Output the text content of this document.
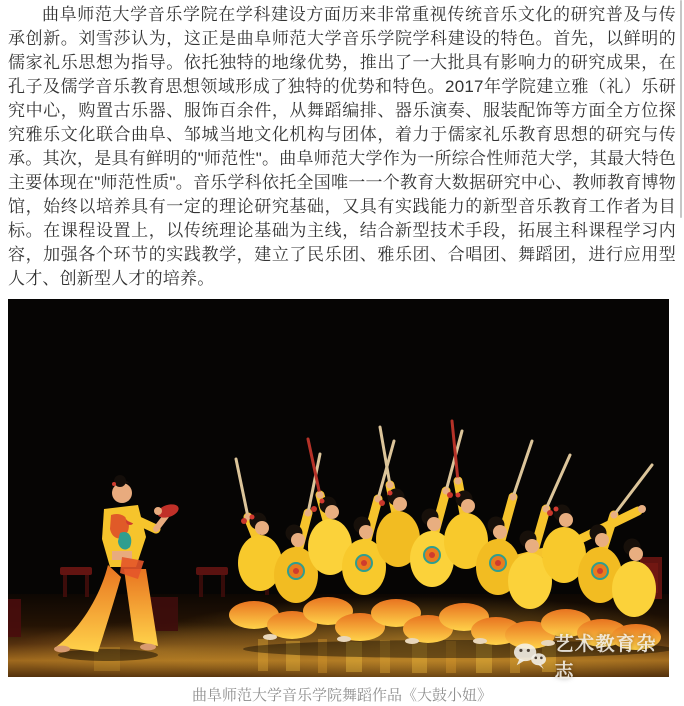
曲阜师范大学音乐学院在学科建设方面历来非常重视传统音乐文化的研究普及与传承创新。刘雪莎认为，这正是曲阜师范大学音乐学院学科建设的特色。首先，以鲜明的儒家礼乐思想为指导。依托独特的地缘优势，推出了一大批具有影响力的研究成果，在孔子及儒学音乐教育思想领域形成了独特的优势和特色。2017年学院建立雅（礼）乐研究中心，购置古乐器、服饰百余件，从舞蹈编排、器乐演奏、服装配饰等方面全方位探究雅乐文化联合曲阜、邹城当地文化机构与团体，着力于儒家礼乐教育思想的研究与传承。其次，是具有鲜明的"师范性"。曲阜师范大学作为一所综合性师范大学，其最大特色主要体现在"师范性质"。音乐学科依托全国唯一一个教育大数据研究中心、教师教育博物馆，始终以培养具有一定的理论研究基础，又具有实践能力的新型音乐教育工作者为目标。在课程设置上，以传统理论基础为主线，结合新型技术手段，拓展主科课程学习内容，加强各个环节的实践教学，建立了民乐团、雅乐团、合唱团、舞蹈团，进行应用型人才、创新型人才的培养。

艺术教育杂志
曲阜师范大学音乐学院舞蹈作品《大鼓小妞》
